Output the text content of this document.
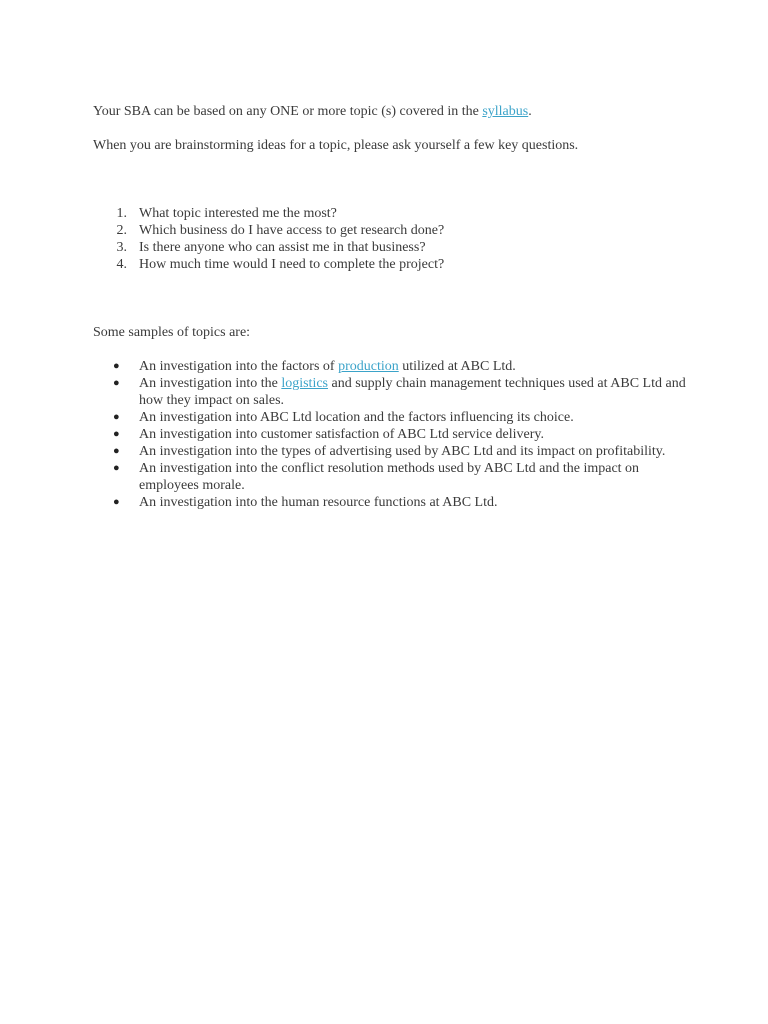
Your SBA can be based on any ONE or more topic (s) covered in the syllabus.

When you are brainstorming ideas for a topic, please ask yourself a few key questions.

1. What topic interested me the most?
2. Which business do I have access to get research done?
3. Is there anyone who can assist me in that business?
4. How much time would I need to complete the project?

Some samples of topics are:

● An investigation into the factors of production utilized at ABC Ltd.
● An investigation into the logistics and supply chain management techniques used at ABC Ltd and how they impact on sales.
● An investigation into ABC Ltd location and the factors influencing its choice.
● An investigation into customer satisfaction of ABC Ltd service delivery.
● An investigation into the types of advertising used by ABC Ltd and its impact on profitability.
● An investigation into the conflict resolution methods used by ABC Ltd and the impact on employees morale.
● An investigation into the human resource functions at ABC Ltd.
